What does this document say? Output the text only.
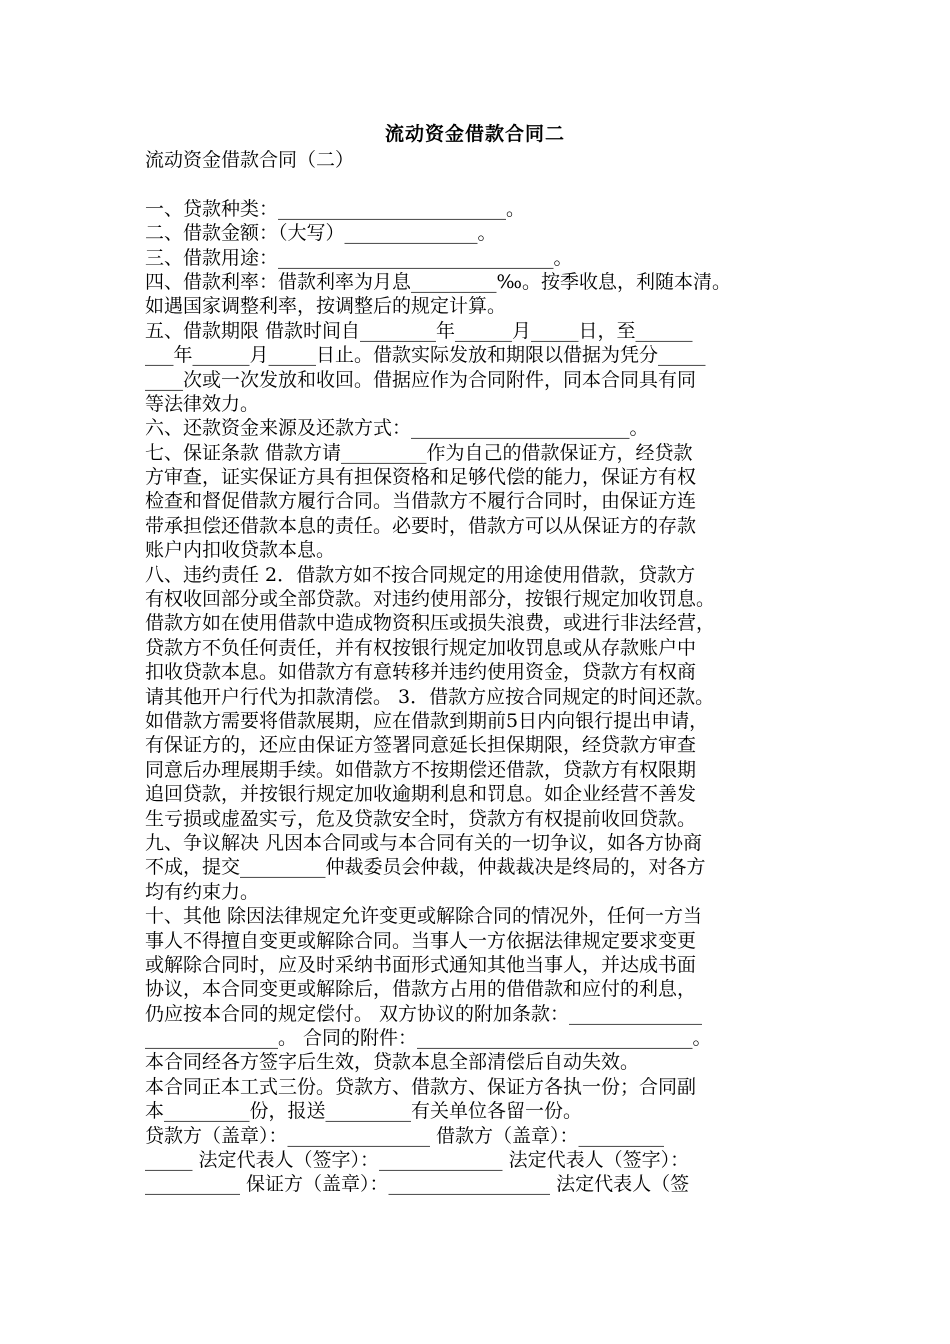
流动资金借款合同二
流动资金借款合同（二）
一、贷款种类：________________________。
二、借款金额：（大写）______________。
三、借款用途：_____________________________。
四、借款利率：借款利率为月息_________‰。按季收息，利随本清。
如遇国家调整利率，按调整后的规定计算。
五、借款期限 借款时间自________年______月_____日，至______
___年______月_____日止。借款实际发放和期限以借据为凭分_____
____次或一次发放和收回。借据应作为合同附件，同本合同具有同
等法律效力。
六、还款资金来源及还款方式：_______________________。
七、保证条款 借款方请_________作为自己的借款保证方，经贷款
方审查，证实保证方具有担保资格和足够代偿的能力，保证方有权
检查和督促借款方履行合同。当借款方不履行合同时，由保证方连
带承担偿还借款本息的责任。必要时，借款方可以从保证方的存款
账户内扣收贷款本息。
八、违约责任 2．借款方如不按合同规定的用途使用借款，贷款方
有权收回部分或全部贷款。对违约使用部分，按银行规定加收罚息。
借款方如在使用借款中造成物资积压或损失浪费，或进行非法经营，
贷款方不负任何责任，并有权按银行规定加收罚息或从存款账户中
扣收贷款本息。如借款方有意转移并违约使用资金，贷款方有权商
请其他开户行代为扣款清偿。 3．借款方应按合同规定的时间还款。
如借款方需要将借款展期，应在借款到期前5日内向银行提出申请，
有保证方的，还应由保证方签署同意延长担保期限，经贷款方审查
同意后办理展期手续。如借款方不按期偿还借款，贷款方有权限期
追回贷款，并按银行规定加收逾期利息和罚息。如企业经营不善发
生亏损或虚盈实亏，危及贷款安全时，贷款方有权提前收回贷款。
九、争议解决 凡因本合同或与本合同有关的一切争议，如各方协商
不成，提交_________仲裁委员会仲裁，仲裁裁决是终局的，对各方
均有约束力。
十、其他 除因法律规定允许变更或解除合同的情况外，任何一方当
事人不得擅自变更或解除合同。当事人一方依据法律规定要求变更
或解除合同时，应及时采纳书面形式通知其他当事人，并达成书面
协议，本合同变更或解除后，借款方占用的借借款和应付的利息，
仍应按本合同的规定偿付。 双方协议的附加条款：______________
______________。 合同的附件：_____________________________。
本合同经各方签字后生效，贷款本息全部清偿后自动失效。
本合同正本工式三份。贷款方、借款方、保证方各执一份；合同副
本_________份，报送_________有关单位各留一份。
贷款方（盖章）：_______________ 借款方（盖章）：_________
_____ 法定代表人（签字）：_____________ 法定代表人（签字）：
__________ 保证方（盖章）：_________________ 法定代表人（签
